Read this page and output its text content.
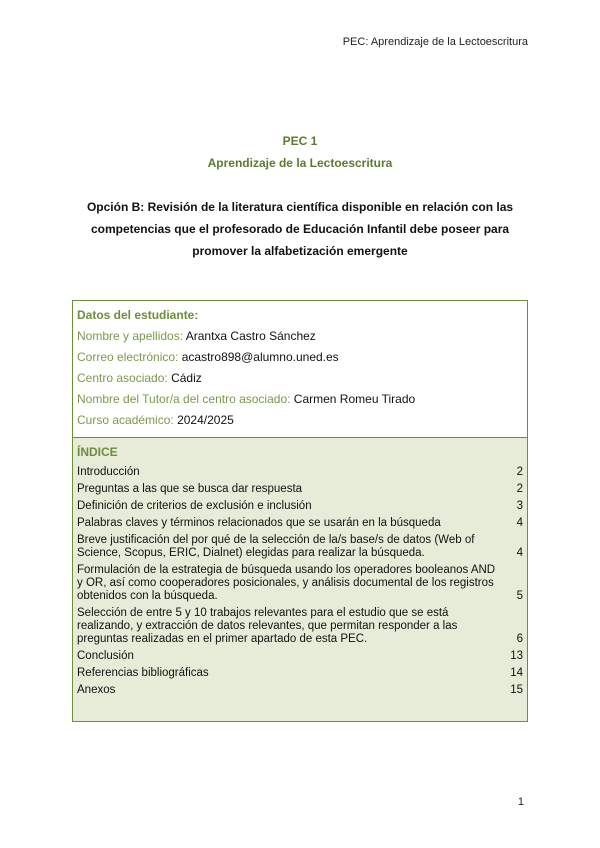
PEC: Aprendizaje de la Lectoescritura
PEC 1
Aprendizaje de la Lectoescritura
Opción B: Revisión de la literatura científica disponible en relación con las competencias que el profesorado de Educación Infantil debe poseer para promover la alfabetización emergente
Datos del estudiante:
Nombre y apellidos: Arantxa Castro Sánchez
Correo electrónico: acastro898@alumno.uned.es
Centro asociado: Cádiz
Nombre del Tutor/a del centro asociado: Carmen Romeu Tirado
Curso académico: 2024/2025
ÍNDICE
Introducción	2
Preguntas a las que se busca dar respuesta	2
Definición de criterios de exclusión e inclusión	3
Palabras claves y términos relacionados que se usarán en la búsqueda	4
Breve justificación del por qué de la selección de la/s base/s de datos (Web of Science, Scopus, ERIC, Dialnet) elegidas para realizar la búsqueda.	4
Formulación de la estrategia de búsqueda usando los operadores booleanos AND y OR, así como cooperadores posicionales, y análisis documental de los registros obtenidos con la búsqueda.	5
Selección de entre 5 y 10 trabajos relevantes para el estudio que se está realizando, y extracción de datos relevantes, que permitan responder a las preguntas realizadas en el primer apartado de esta PEC.	6
Conclusión	13
Referencias bibliográficas	14
Anexos	15
1
